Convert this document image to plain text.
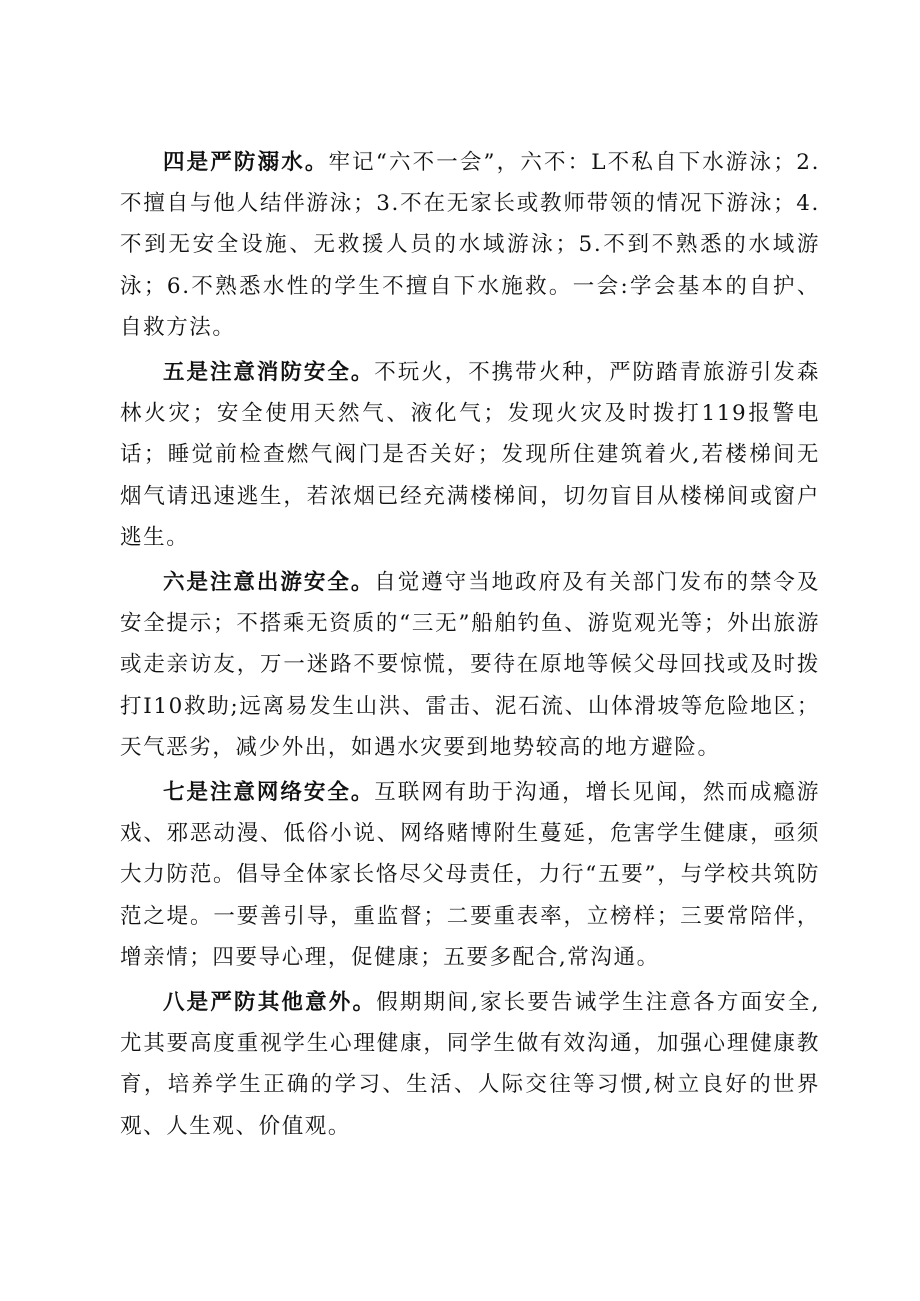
四是严防溺水。牢记“六不一会”，六不：L不私自下水游泳；2.不擅自与他人结伴游泳；3.不在无家长或教师带领的情况下游泳；4.不到无安全设施、无救援人员的水域游泳；5.不到不熟悉的水域游泳；6.不熟悉水性的学生不擅自下水施救。一会:学会基本的自护、自救方法。

五是注意消防安全。不玩火，不携带火种，严防踏青旅游引发森林火灾；安全使用天然气、液化气；发现火灾及时拨打119报警电话；睡觉前检查燃气阀门是否关好；发现所住建筑着火,若楼梯间无烟气请迅速逃生，若浓烟已经充满楼梯间，切勿盲目从楼梯间或窗户逃生。

六是注意出游安全。自觉遵守当地政府及有关部门发布的禁令及安全提示；不搭乘无资质的“三无”船舶钓鱼、游览观光等；外出旅游或走亲访友，万一迷路不要惊慌，要待在原地等候父母回找或及时拨打I10救助;远离易发生山洪、雷击、泥石流、山体滑坡等危险地区；天气恶劣，减少外出，如遇水灾要到地势较高的地方避险。

七是注意网络安全。互联网有助于沟通，增长见闻，然而成瘾游戏、邪恶动漫、低俗小说、网络赌博附生蔓延，危害学生健康，亟须大力防范。倡导全体家长恪尽父母责任，力行“五要”，与学校共筑防范之堤。一要善引导，重监督；二要重表率，立榜样；三要常陪伴，增亲情；四要导心理，促健康；五要多配合,常沟通。

八是严防其他意外。假期期间,家长要告诫学生注意各方面安全,尤其要高度重视学生心理健康，同学生做有效沟通，加强心理健康教育，培养学生正确的学习、生活、人际交往等习惯,树立良好的世界观、人生观、价值观。
